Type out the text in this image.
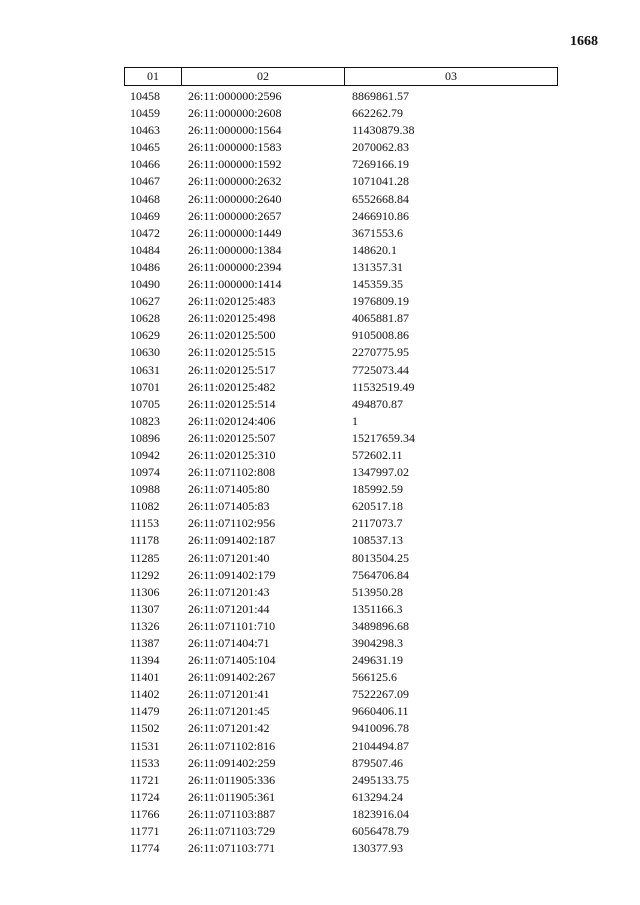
1668
01	02	03
10458	26:11:000000:2596	8869861.57
10459	26:11:000000:2608	662262.79
10463	26:11:000000:1564	11430879.38
10465	26:11:000000:1583	2070062.83
10466	26:11:000000:1592	7269166.19
10467	26:11:000000:2632	1071041.28
10468	26:11:000000:2640	6552668.84
10469	26:11:000000:2657	2466910.86
10472	26:11:000000:1449	3671553.6
10484	26:11:000000:1384	148620.1
10486	26:11:000000:2394	131357.31
10490	26:11:000000:1414	145359.35
10627	26:11:020125:483	1976809.19
10628	26:11:020125:498	4065881.87
10629	26:11:020125:500	9105008.86
10630	26:11:020125:515	2270775.95
10631	26:11:020125:517	7725073.44
10701	26:11:020125:482	11532519.49
10705	26:11:020125:514	494870.87
10823	26:11:020124:406	1
10896	26:11:020125:507	15217659.34
10942	26:11:020125:310	572602.11
10974	26:11:071102:808	1347997.02
10988	26:11:071405:80	185992.59
11082	26:11:071405:83	620517.18
11153	26:11:071102:956	2117073.7
11178	26:11:091402:187	108537.13
11285	26:11:071201:40	8013504.25
11292	26:11:091402:179	7564706.84
11306	26:11:071201:43	513950.28
11307	26:11:071201:44	1351166.3
11326	26:11:071101:710	3489896.68
11387	26:11:071404:71	3904298.3
11394	26:11:071405:104	249631.19
11401	26:11:091402:267	566125.6
11402	26:11:071201:41	7522267.09
11479	26:11:071201:45	9660406.11
11502	26:11:071201:42	9410096.78
11531	26:11:071102:816	2104494.87
11533	26:11:091402:259	879507.46
11721	26:11:011905:336	2495133.75
11724	26:11:011905:361	613294.24
11766	26:11:071103:887	1823916.04
11771	26:11:071103:729	6056478.79
11774	26:11:071103:771	130377.93
